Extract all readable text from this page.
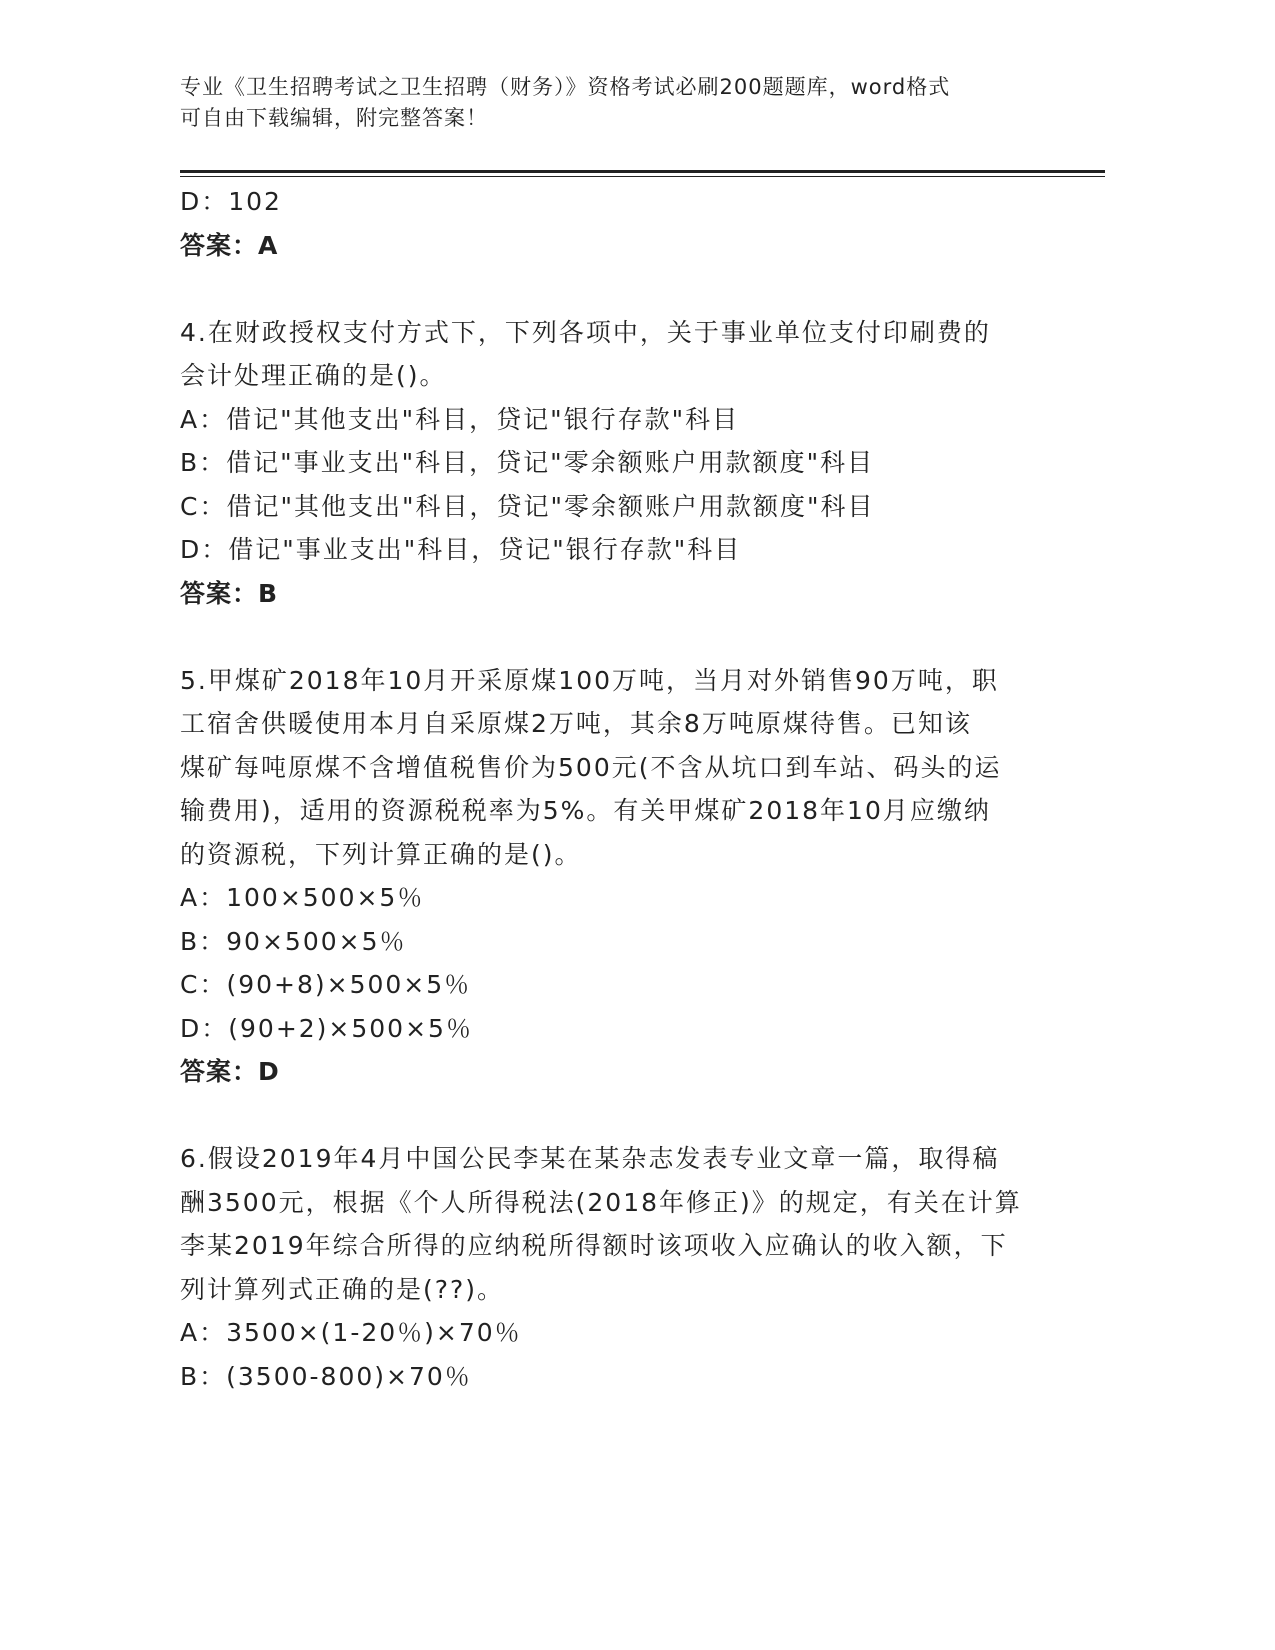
专业《卫生招聘考试之卫生招聘（财务）》资格考试必刷200题题库，word格式
可自由下载编辑，附完整答案！
D：102
答案：A
4.在财政授权支付方式下，下列各项中，关于事业单位支付印刷费的
会计处理正确的是()。
A：借记"其他支出"科目，贷记"银行存款"科目
B：借记"事业支出"科目，贷记"零余额账户用款额度"科目
C：借记"其他支出"科目，贷记"零余额账户用款额度"科目
D：借记"事业支出"科目，贷记"银行存款"科目
答案：B
5.甲煤矿2018年10月开采原煤100万吨，当月对外销售90万吨，职
工宿舍供暖使用本月自采原煤2万吨，其余8万吨原煤待售。已知该
煤矿每吨原煤不含增值税售价为500元(不含从坑口到车站、码头的运
输费用)，适用的资源税税率为5%。有关甲煤矿2018年10月应缴纳
的资源税，下列计算正确的是()。
A：100×500×5％
B：90×500×5％
C：(90+8)×500×5％
D：(90+2)×500×5％
答案：D
6.假设2019年4月中国公民李某在某杂志发表专业文章一篇，取得稿
酬3500元，根据《个人所得税法(2018年修正)》的规定，有关在计算
李某2019年综合所得的应纳税所得额时该项收入应确认的收入额，下
列计算列式正确的是(??)。
A：3500×(1-20％)×70％
B：(3500-800)×70％
